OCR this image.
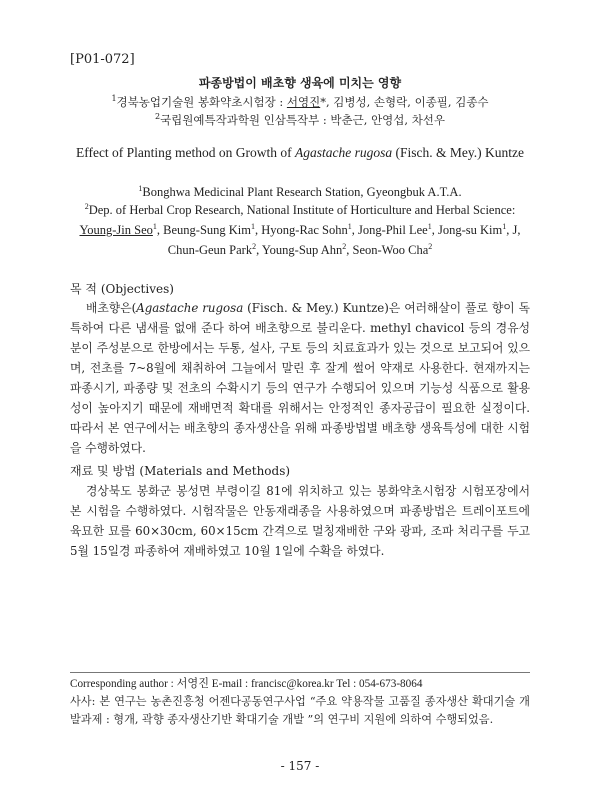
[P01-072]
파종방법이 배초향 생육에 미치는 영향
$^1$경북농업기술원 봉화약초시험장 : 서영진*, 김병성, 손형락, 이종필, 김종수
$^2$국립원예특작과학원 인삼특작부 : 박춘근, 안영섭, 차선우
Effect of Planting method on Growth of Agastache rugosa (Fisch. & Mey.) Kuntze
$^1$Bonghwa Medicinal Plant Research Station, Gyeongbuk A.T.A.
$^2$Dep. of Herbal Crop Research, National Institute of Horticulture and Herbal Science: Young-Jin Seo$^1$, Beung-Sung Kim$^1$, Hyong-Rac Sohn$^1$, Jong-Phil Lee$^1$, Jong-su Kim$^1$, J, Chun-Geun Park$^2$, Young-Sup Ahn$^2$, Seon-Woo Cha$^2$
목 적 (Objectives)

배초향은(Agastache rugosa (Fisch. & Mey.) Kuntze)은 여러해살이 풀로 향이 독특하여 다른 냄새를 없애 준다 하여 배초향으로 불리운다. methyl chavicol 등의 경유성분이 주성분으로 한방에서는 두통, 설사, 구토 등의 치료효과가 있는 것으로 보고되어 있으며, 전초를 7~8월에 채취하여 그늘에서 말린 후 잘게 썰어 약재로 사용한다. 현재까지는 파종시기, 파종량 및 전초의 수확시기 등의 연구가 수행되어 있으며 기능성 식품으로 활용성이 높아지기 때문에 재배면적 확대를 위해서는 안정적인 종자공급이 필요한 실정이다. 따라서 본 연구에서는 배초향의 종자생산을 위해 파종방법별 배초향 생육특성에 대한 시험을 수행하였다.

재료 및 방법 (Materials and Methods)

경상북도 봉화군 봉성면 부령이길 81에 위치하고 있는 봉화약초시험장 시험포장에서 본 시험을 수행하였다. 시험작물은 안동재래종을 사용하였으며 파종방법은 트레이포트에 육묘한 묘를 60×30cm, 60×15cm 간격으로 멀칭재배한 구와 광파, 조파 처리구를 두고 5월 15일경 파종하여 재배하였고 10월 1일에 수확을 하였다.

Corresponding author : 서영진 E-mail : francisc@korea.kr Tel : 054-673-8064
사사: 본 연구는 농촌진흥청 어젠다공동연구사업 “주요 약용작물 고품질 종자생산 확대기술 개발과제 : 형개, 곽향 종자생산기반 확대기술 개발 ”의 연구비 지원에 의하여 수행되었음.
- 157 -
